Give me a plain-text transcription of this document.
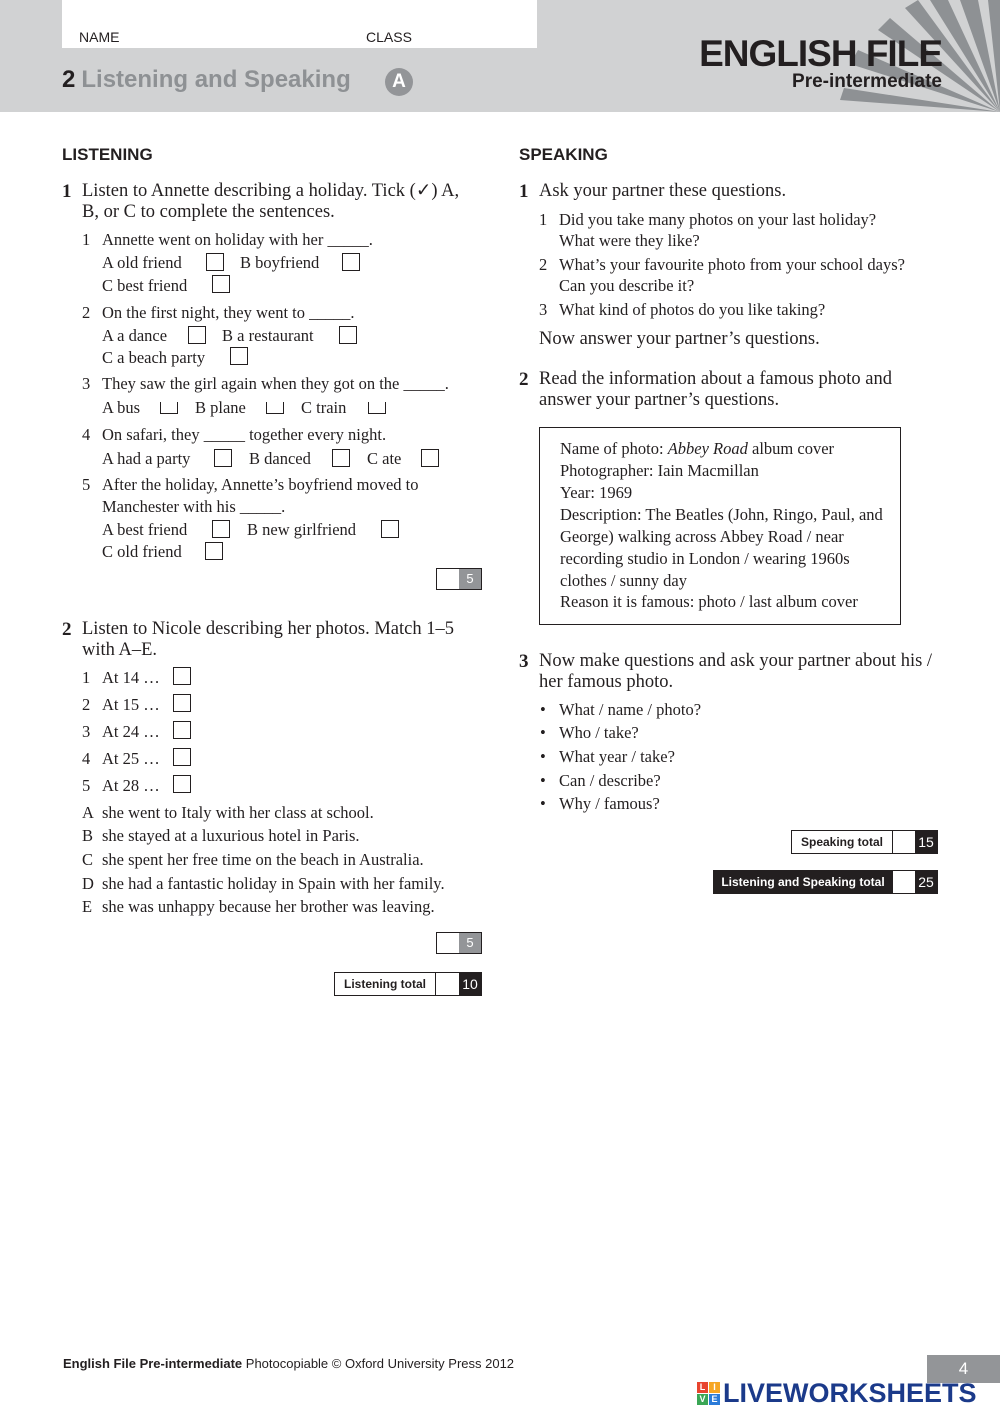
NAME	CLASS
2 Listening and Speaking	A
ENGLISH FILE
Pre-intermediate
LISTENING
1 Listen to Annette describing a holiday. Tick (✓) A, B, or C to complete the sentences.
1 Annette went on holiday with her _____.
A old friend	B boyfriend
C best friend
2 On the first night, they went to _____.
A a dance	B a restaurant
C a beach party
3 They saw the girl again when they got on the _____.
A bus	B plane	C train
4 On safari, they _____ together every night.
A had a party	B danced	C ate
5 After the holiday, Annette’s boyfriend moved to Manchester with his _____.
A best friend	B new girlfriend
C old friend
5
2 Listen to Nicole describing her photos. Match 1–5 with A–E.
1 At 14 …
2 At 15 …
3 At 24 …
4 At 25 …
5 At 28 …
A she went to Italy with her class at school.
B she stayed at a luxurious hotel in Paris.
C she spent her free time on the beach in Australia.
D she had a fantastic holiday in Spain with her family.
E she was unhappy because her brother was leaving.
5
Listening total	10
SPEAKING
1 Ask your partner these questions.
1 Did you take many photos on your last holiday?
What were they like?
2 What’s your favourite photo from your school days?
Can you describe it?
3 What kind of photos do you like taking?
Now answer your partner’s questions.
2 Read the information about a famous photo and answer your partner’s questions.
Name of photo: Abbey Road album cover
Photographer: Iain Macmillan
Year: 1969
Description: The Beatles (John, Ringo, Paul, and George) walking across Abbey Road / near recording studio in London / wearing 1960s clothes / sunny day
Reason it is famous: photo / last album cover
3 Now make questions and ask your partner about his / her famous photo.
• What / name / photo?
• Who / take?
• What year / take?
• Can / describe?
• Why / famous?
Speaking total	15
Listening and Speaking total	25
English File Pre-intermediate Photocopiable © Oxford University Press 2012	4
L I
V E LIVEWORKSHEETS
